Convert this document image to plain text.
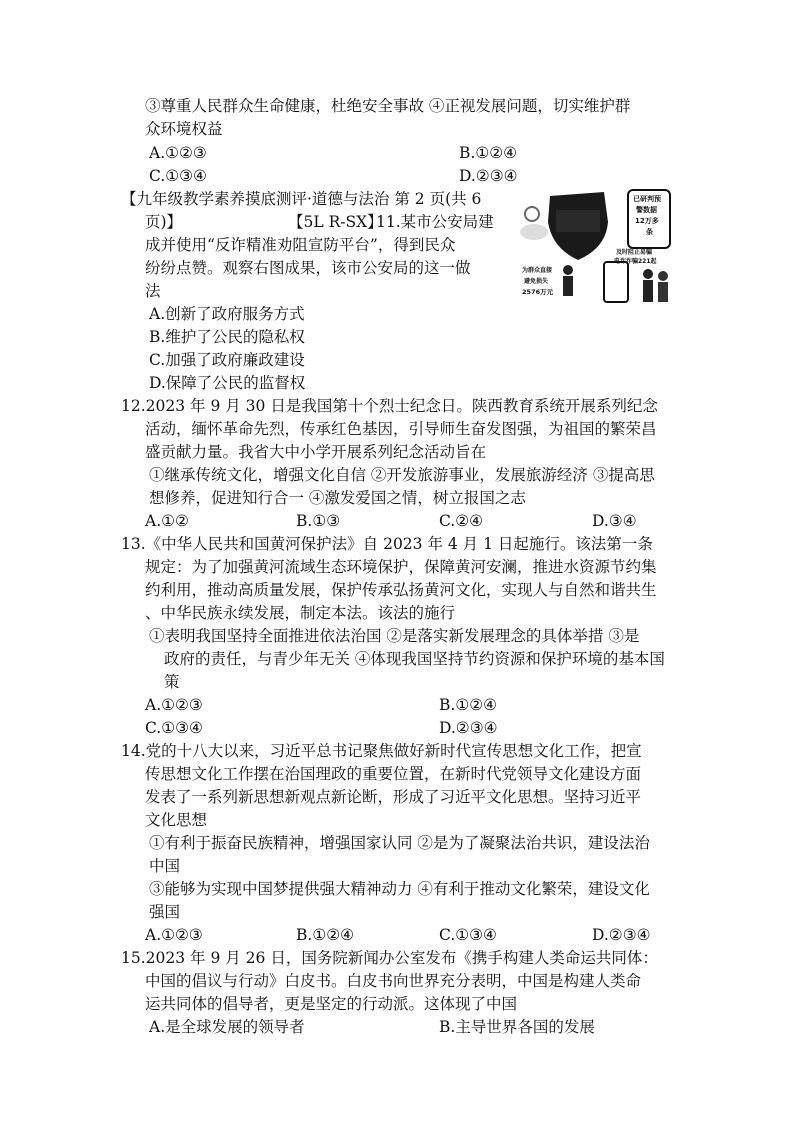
③尊重人民群众生命健康，杜绝安全事故 ④正视发展问题，切实维护群
众环境权益
A.①②③	B.①②④
C.①③④	D.②③④
【九年级教学素养摸底测评·道德与法治 第 2 页(共 6
页)】	【5L R-SX】
11.某市公安局建
成并使用“反诈精准劝阻宣防平台”，得到民众
纷纷点赞。观察右图成果，该市公安局的这一做
法
A.创新了政府服务方式
B.维护了公民的隐私权
C.加强了政府廉政建设
D.保障了公民的监督权
已研判预
警数据
12万多
条
及时阻止易骗
电诈诈骗221起
为群众直接
避免损失
2576万元
12.2023 年 9 月 30 日是我国第十个烈士纪念日。陕西教育系统开展系列纪念
活动，缅怀革命先烈，传承红色基因，引导师生奋发图强，为祖国的繁荣昌
盛贡献力量。我省大中小学开展系列纪念活动旨在
①继承传统文化，增强文化自信 ②开发旅游事业，发展旅游经济 ③提高思
想修养，促进知行合一 ④激发爱国之情，树立报国之志
A.①②	B.①③	C.②④	D.③④
13.《中华人民共和国黄河保护法》自 2023 年 4 月 1 日起施行。该法第一条
规定：为了加强黄河流域生态环境保护，保障黄河安澜，推进水资源节约集
约利用，推动高质量发展，保护传承弘扬黄河文化，实现人与自然和谐共生
、中华民族永续发展，制定本法。该法的施行
①表明我国坚持全面推进依法治国 ②是落实新发展理念的具体举措 ③是
政府的责任，与青少年无关 ④体现我国坚持节约资源和保护环境的基本国
策
A.①②③	B.①②④
C.①③④	D.②③④
14.党的十八大以来，习近平总书记聚焦做好新时代宣传思想文化工作，把宣
传思想文化工作摆在治国理政的重要位置，在新时代党领导文化建设方面
发表了一系列新思想新观点新论断，形成了习近平文化思想。坚持习近平
文化思想
①有利于振奋民族精神，增强国家认同 ②是为了凝聚法治共识，建设法治
中国
③能够为实现中国梦提供强大精神动力 ④有利于推动文化繁荣，建设文化
强国
A.①②③	B.①②④	C.①③④	D.②③④
15.2023 年 9 月 26 日，国务院新闻办公室发布《携手构建人类命运共同体：
中国的倡议与行动》白皮书。白皮书向世界充分表明，中国是构建人类命
运共同体的倡导者，更是坚定的行动派。这体现了中国
A.是全球发展的领导者	B.主导世界各国的发展
